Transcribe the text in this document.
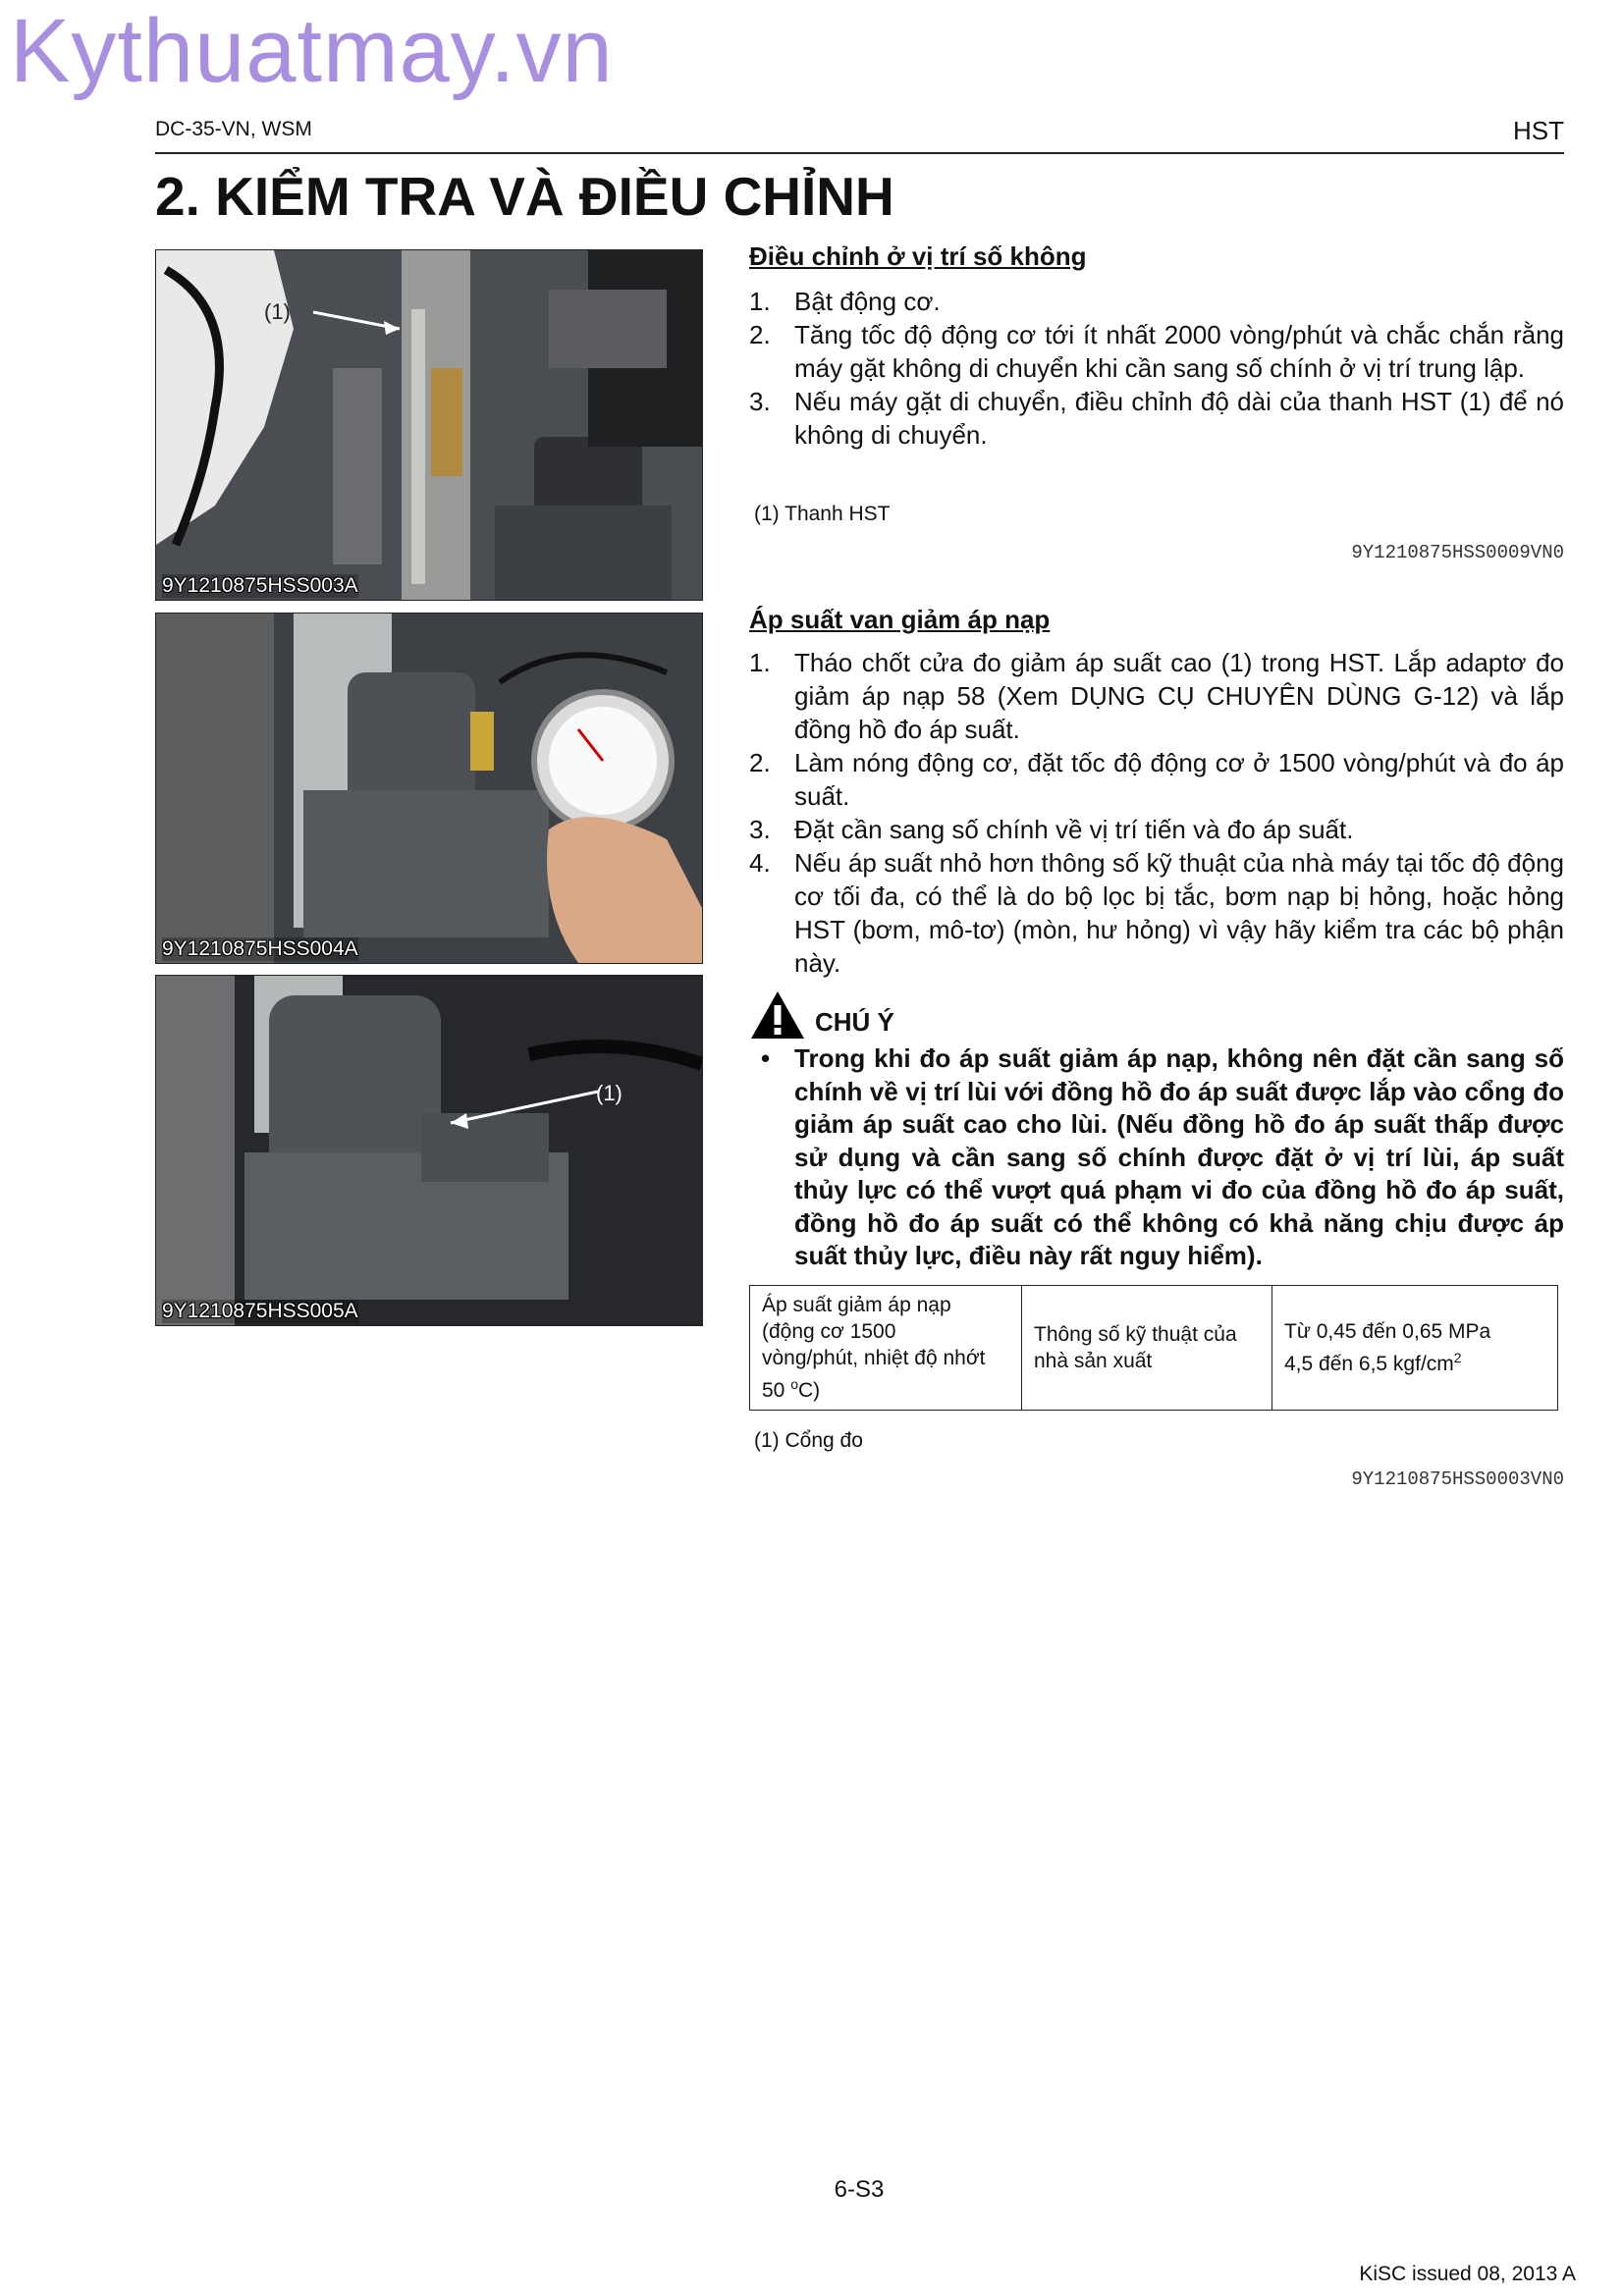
Kythuatmay.vn
DC-35-VN, WSM	HST
2. KIỂM TRA VÀ ĐIỀU CHỈNH
(1)
9Y1210875HSS003A
9Y1210875HSS004A
(1)
9Y1210875HSS005A
Điều chỉnh ở vị trí số không
1. Bật động cơ.
2. Tăng tốc độ động cơ tới ít nhất 2000 vòng/phút và chắc chắn rằng máy gặt không di chuyển khi cần sang số chính ở vị trí trung lập.
3. Nếu máy gặt di chuyển, điều chỉnh độ dài của thanh HST (1) để nó không di chuyển.
(1) Thanh HST
9Y1210875HSS0009VN0
Áp suất van giảm áp nạp
1. Tháo chốt cửa đo giảm áp suất cao (1) trong HST. Lắp adaptơ đo giảm áp nạp 58 (Xem DỤNG CỤ CHUYÊN DÙNG G-12) và lắp đồng hồ đo áp suất.
2. Làm nóng động cơ, đặt tốc độ động cơ ở 1500 vòng/phút và đo áp suất.
3. Đặt cần sang số chính về vị trí tiến và đo áp suất.
4. Nếu áp suất nhỏ hơn thông số kỹ thuật của nhà máy tại tốc độ động cơ tối đa, có thể là do bộ lọc bị tắc, bơm nạp bị hỏng, hoặc hỏng HST (bơm, mô-tơ) (mòn, hư hỏng) vì vậy hãy kiểm tra các bộ phận này.
CHÚ Ý
• Trong khi đo áp suất giảm áp nạp, không nên đặt cần sang số chính về vị trí lùi với đồng hồ đo áp suất được lắp vào cổng đo giảm áp suất cao cho lùi. (Nếu đồng hồ đo áp suất thấp được sử dụng và cần sang số chính được đặt ở vị trí lùi, áp suất thủy lực có thể vượt quá phạm vi đo của đồng hồ đo áp suất, đồng hồ đo áp suất có thể không có khả năng chịu được áp suất thủy lực, điều này rất nguy hiểm).
Áp suất giảm áp nạp
(động cơ 1500
vòng/phút, nhiệt độ nhớt
50 $^o$C)	Thông số kỹ thuật của nhà sản xuất	Từ 0,45 đến 0,65 MPa
4,5 đến 6,5 kgf/$cm^2$
(1) Cổng đo
9Y1210875HSS0003VN0
6-S3
KiSC issued 08, 2013 A
